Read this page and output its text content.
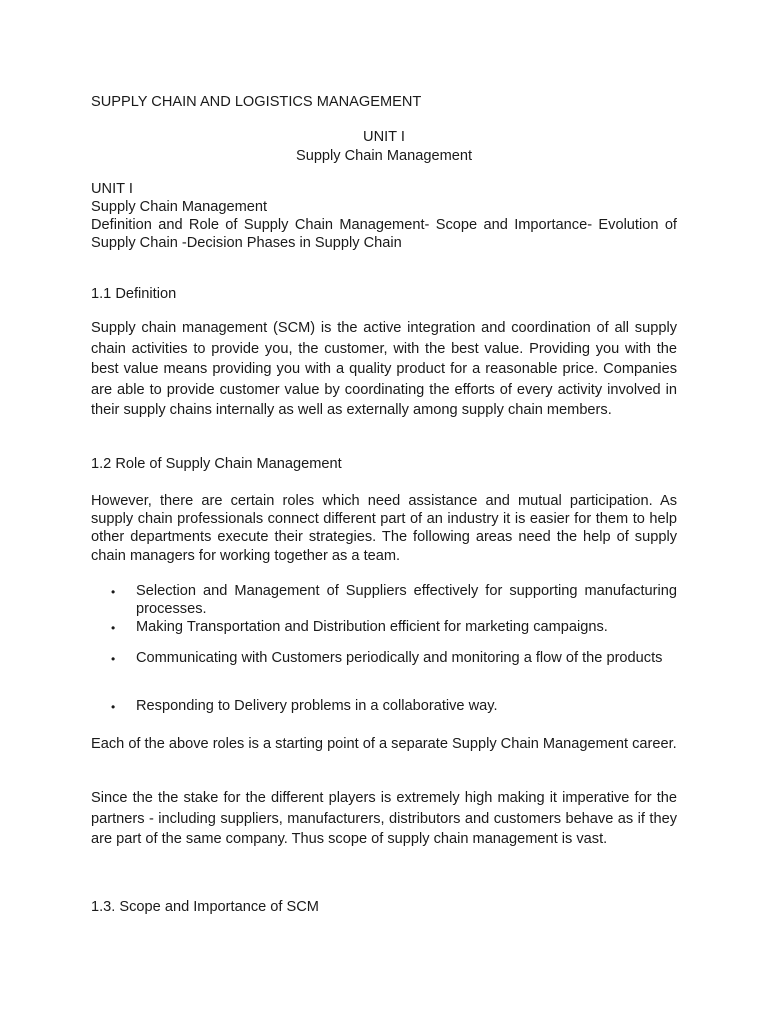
SUPPLY CHAIN AND LOGISTICS MANAGEMENT
UNIT I
Supply Chain Management
UNIT I
Supply Chain Management
Definition and Role of Supply Chain Management- Scope and Importance- Evolution of Supply Chain -Decision Phases in Supply Chain
1.1 Definition
Supply chain management (SCM) is the active integration and coordination of all supply chain activities to provide you, the customer, with the best value. Providing you with the best value means providing you with a quality product for a reasonable price. Companies are able to provide customer value by coordinating the efforts of every activity involved in their supply chains internally as well as externally among supply chain members.
1.2 Role of Supply Chain Management
However, there are certain roles which need assistance and mutual participation. As supply chain professionals connect different part of an industry it is easier for them to help other departments execute their strategies. The following areas need the help of supply chain managers for working together as a team.
• Selection and Management of Suppliers effectively for supporting manufacturing processes.
• Making Transportation and Distribution efficient for marketing campaigns.
• Communicating with Customers periodically and monitoring a flow of the products
• Responding to Delivery problems in a collaborative way.
Each of the above roles is a starting point of a separate Supply Chain Management career.
Since the the stake for the different players is extremely high making it imperative for the partners - including suppliers, manufacturers, distributors and customers behave as if they are part of the same company. Thus scope of supply chain management is vast.
1.3. Scope and Importance of SCM
